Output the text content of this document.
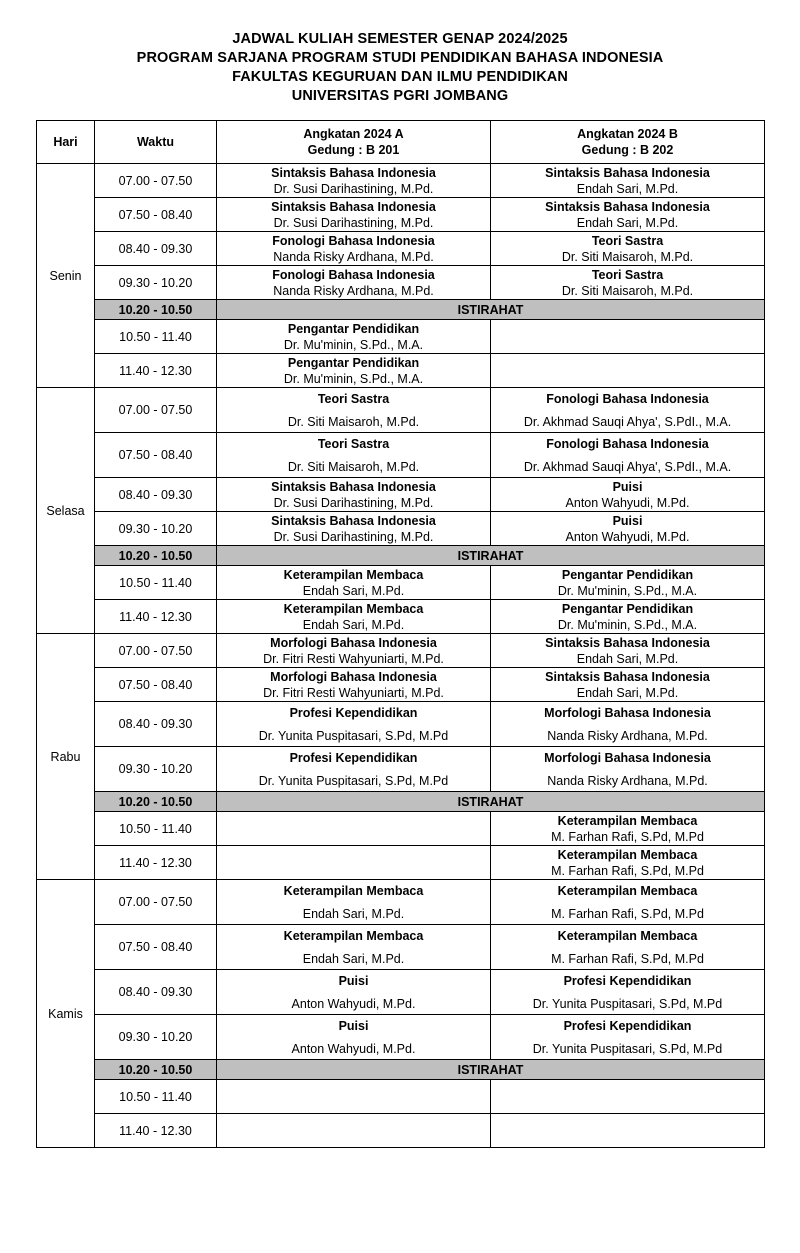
JADWAL KULIAH SEMESTER GENAP 2024/2025
PROGRAM SARJANA PROGRAM STUDI PENDIDIKAN BAHASA INDONESIA
FAKULTAS KEGURUAN DAN ILMU PENDIDIKAN
UNIVERSITAS PGRI JOMBANG
Hari	Waktu	Angkatan 2024 A
Gedung : B 201	Angkatan 2024 B
Gedung : B 202

Senin	07.00 - 07.50	Sintaksis Bahasa Indonesia
Dr. Susi Darihastining, M.Pd.	Sintaksis Bahasa Indonesia
Endah Sari, M.Pd.

	07.50 - 08.40	Sintaksis Bahasa Indonesia
Dr. Susi Darihastining, M.Pd.	Sintaksis Bahasa Indonesia
Endah Sari, M.Pd.

	08.40 - 09.30	Fonologi Bahasa Indonesia
Nanda Risky Ardhana, M.Pd.	Teori Sastra
Dr. Siti Maisaroh, M.Pd.

	09.30 - 10.20	Fonologi Bahasa Indonesia
Nanda Risky Ardhana, M.Pd.	Teori Sastra
Dr. Siti Maisaroh, M.Pd.

	10.20 - 10.50	ISTIRAHAT	
	10.50 - 11.40	Pengantar Pendidikan
Dr. Mu'minin, S.Pd., M.A.	

	11.40 - 12.30	Pengantar Pendidikan
Dr. Mu'minin, S.Pd., M.A.	

Selasa	07.00 - 07.50	Teori Sastra
Dr. Siti Maisaroh, M.Pd.	Fonologi Bahasa Indonesia
Dr. Akhmad Sauqi Ahya', S.PdI., M.A.

	07.50 - 08.40	Teori Sastra
Dr. Siti Maisaroh, M.Pd.	Fonologi Bahasa Indonesia
Dr. Akhmad Sauqi Ahya', S.PdI., M.A.

	08.40 - 09.30	Sintaksis Bahasa Indonesia
Dr. Susi Darihastining, M.Pd.	Puisi
Anton Wahyudi, M.Pd.

	09.30 - 10.20	Sintaksis Bahasa Indonesia
Dr. Susi Darihastining, M.Pd.	Puisi
Anton Wahyudi, M.Pd.

	10.20 - 10.50	ISTIRAHAT	
	10.50 - 11.40	Keterampilan Membaca
Endah Sari, M.Pd.	Pengantar Pendidikan
Dr. Mu'minin, S.Pd., M.A.

	11.40 - 12.30	Keterampilan Membaca
Endah Sari, M.Pd.	Pengantar Pendidikan
Dr. Mu'minin, S.Pd., M.A.

Rabu	07.00 - 07.50	Morfologi Bahasa Indonesia
Dr. Fitri Resti Wahyuniarti, M.Pd.	Sintaksis Bahasa Indonesia
Endah Sari, M.Pd.

	07.50 - 08.40	Morfologi Bahasa Indonesia
Dr. Fitri Resti Wahyuniarti, M.Pd.	Sintaksis Bahasa Indonesia
Endah Sari, M.Pd.

	08.40 - 09.30	Profesi Kependidikan
Dr. Yunita Puspitasari, S.Pd, M.Pd	Morfologi Bahasa Indonesia
Nanda Risky Ardhana, M.Pd.

	09.30 - 10.20	Profesi Kependidikan
Dr. Yunita Puspitasari, S.Pd, M.Pd	Morfologi Bahasa Indonesia
Nanda Risky Ardhana, M.Pd.

	10.20 - 10.50	ISTIRAHAT	
	10.50 - 11.40		Keterampilan Membaca
M. Farhan Rafi, S.Pd, M.Pd

	11.40 - 12.30		Keterampilan Membaca
M. Farhan Rafi, S.Pd, M.Pd

Kamis	07.00 - 07.50	Keterampilan Membaca
Endah Sari, M.Pd.	Keterampilan Membaca
M. Farhan Rafi, S.Pd, M.Pd

	07.50 - 08.40	Keterampilan Membaca
Endah Sari, M.Pd.	Keterampilan Membaca
M. Farhan Rafi, S.Pd, M.Pd

	08.40 - 09.30	Puisi
Anton Wahyudi, M.Pd.	Profesi Kependidikan
Dr. Yunita Puspitasari, S.Pd, M.Pd

	09.30 - 10.20	Puisi
Anton Wahyudi, M.Pd.	Profesi Kependidikan
Dr. Yunita Puspitasari, S.Pd, M.Pd

	10.20 - 10.50	ISTIRAHAT	
	10.50 - 11.40		
	11.40 - 12.30		
